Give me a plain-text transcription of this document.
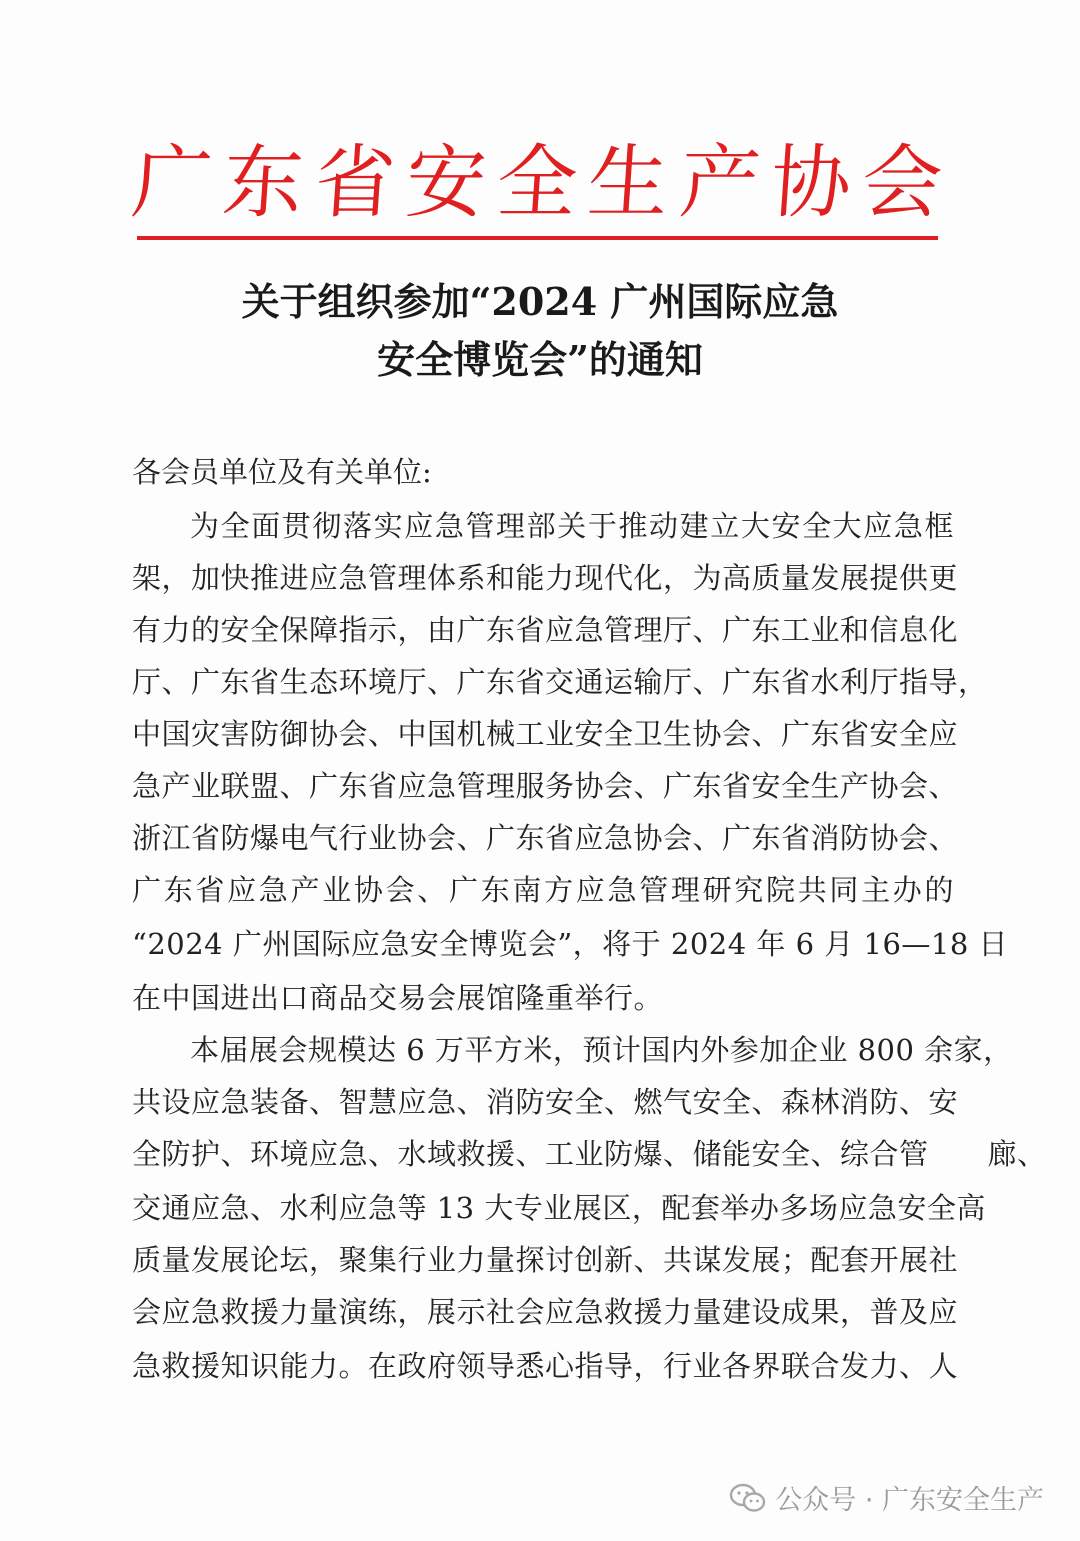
广 东 省 安 全 生 产 协 会
关于组织参加“2024 广州国际应急
安全博览会”的通知
各会员单位及有关单位:
为全面贯彻落实应急管理部关于推动建立大安全大应急框
架，加快推进应急管理体系和能力现代化，为高质量发展提供更
有力的安全保障指示，由广东省应急管理厅、广东工业和信息化
厅、广东省生态环境厅、广东省交通运输厅、广东省水利厅指导，
中国灾害防御协会、中国机械工业安全卫生协会、广东省安全应
急产业联盟、广东省应急管理服务协会、广东省安全生产协会、
浙江省防爆电气行业协会、广东省应急协会、广东省消防协会、
广东省应急产业协会、广东南方应急管理研究院共同主办的
“2024 广州国际应急安全博览会”，将于 2024 年 6 月 16—18 日
在中国进出口商品交易会展馆隆重举行。
本届展会规模达 6 万平方米，预计国内外参加企业 800 余家，
共设应急装备、智慧应急、消防安全、燃气安全、森林消防、安
全防护、环境应急、水域救援、工业防爆、储能安全、综合管　　廊、
交通应急、水利应急等 13 大专业展区，配套举办多场应急安全高
质量发展论坛，聚集行业力量探讨创新、共谋发展；配套开展社
会应急救援力量演练，展示社会应急救援力量建设成果，普及应
急救援知识能力。在政府领导悉心指导，行业各界联合发力、人
公众号 · 广东安全生产
